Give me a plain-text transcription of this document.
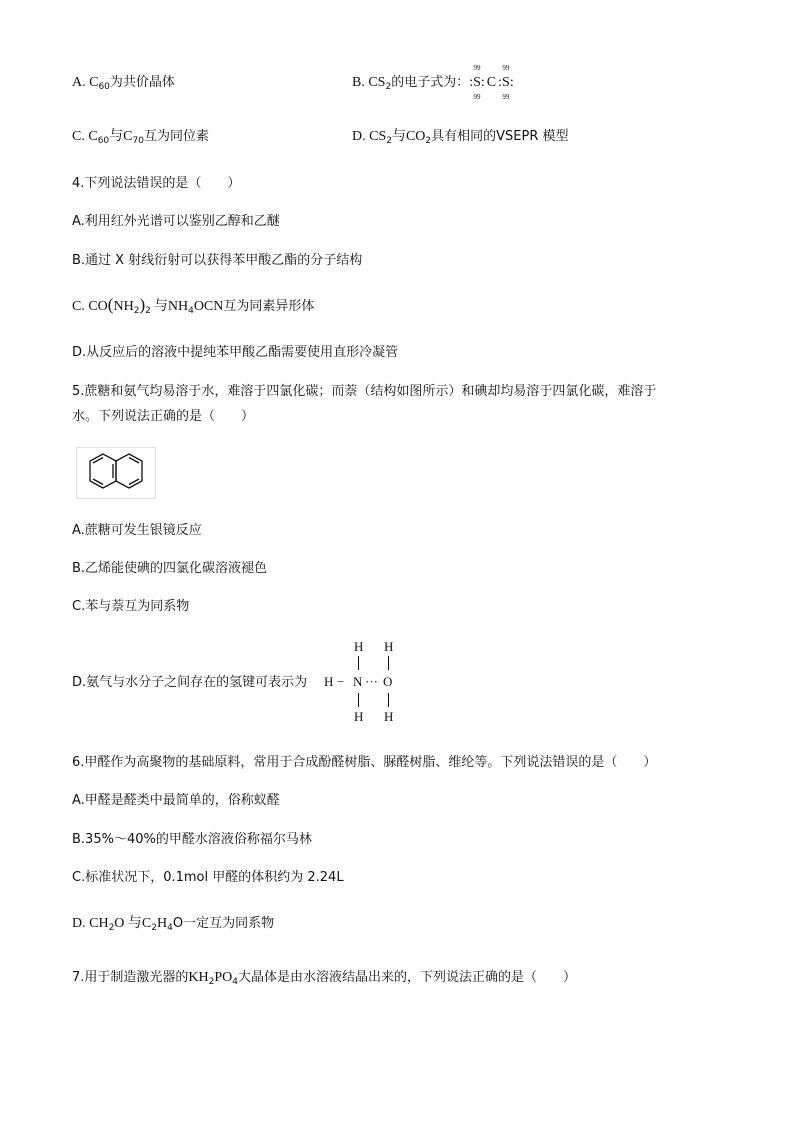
A. $C_{60}$为共价晶体	B. $CS_2$的电子式为：:
99
S
99
: C :
99
S
99
:
C. $C_{60}$与$C_{70}$互为同位素	D. $CS_2$与$CO_2$具有相同的VSEPR 模型
4.下列说法错误的是（　　）
A.利用红外光谱可以鉴别乙醇和乙醚
B.通过 X 射线衍射可以获得苯甲酸乙酯的分子结构
C. $CO(NH_2)_2$ 与$NH_4OCN$互为同素异形体
D.从反应后的溶液中提纯苯甲酸乙酯需要使用直形冷凝管
5.蔗糖和氨气均易溶于水，难溶于四氯化碳；而萘（结构如图所示）和碘却均易溶于四氯化碳，难溶于
水。下列说法正确的是（　　）
A.蔗糖可发生银镜反应
B.乙烯能使碘的四氯化碳溶液褪色
C.苯与萘互为同系物
D.氨气与水分子之间存在的氢键可表示为
H H
H − N ··· O
H H
6.甲醛作为高聚物的基础原料，常用于合成酚醛树脂、脲醛树脂、维纶等。下列说法错误的是（　　）
A.甲醛是醛类中最简单的，俗称蚁醛
B.35%～40%的甲醛水溶液俗称福尔马林
C.标准状况下，0.1mol 甲醛的体积约为 2.24L
D. $CH_2O$ 与$C_2H_4O$一定互为同系物
7.用于制造激光器的$KH_2PO_4$大晶体是由水溶液结晶出来的，下列说法正确的是（　　）
